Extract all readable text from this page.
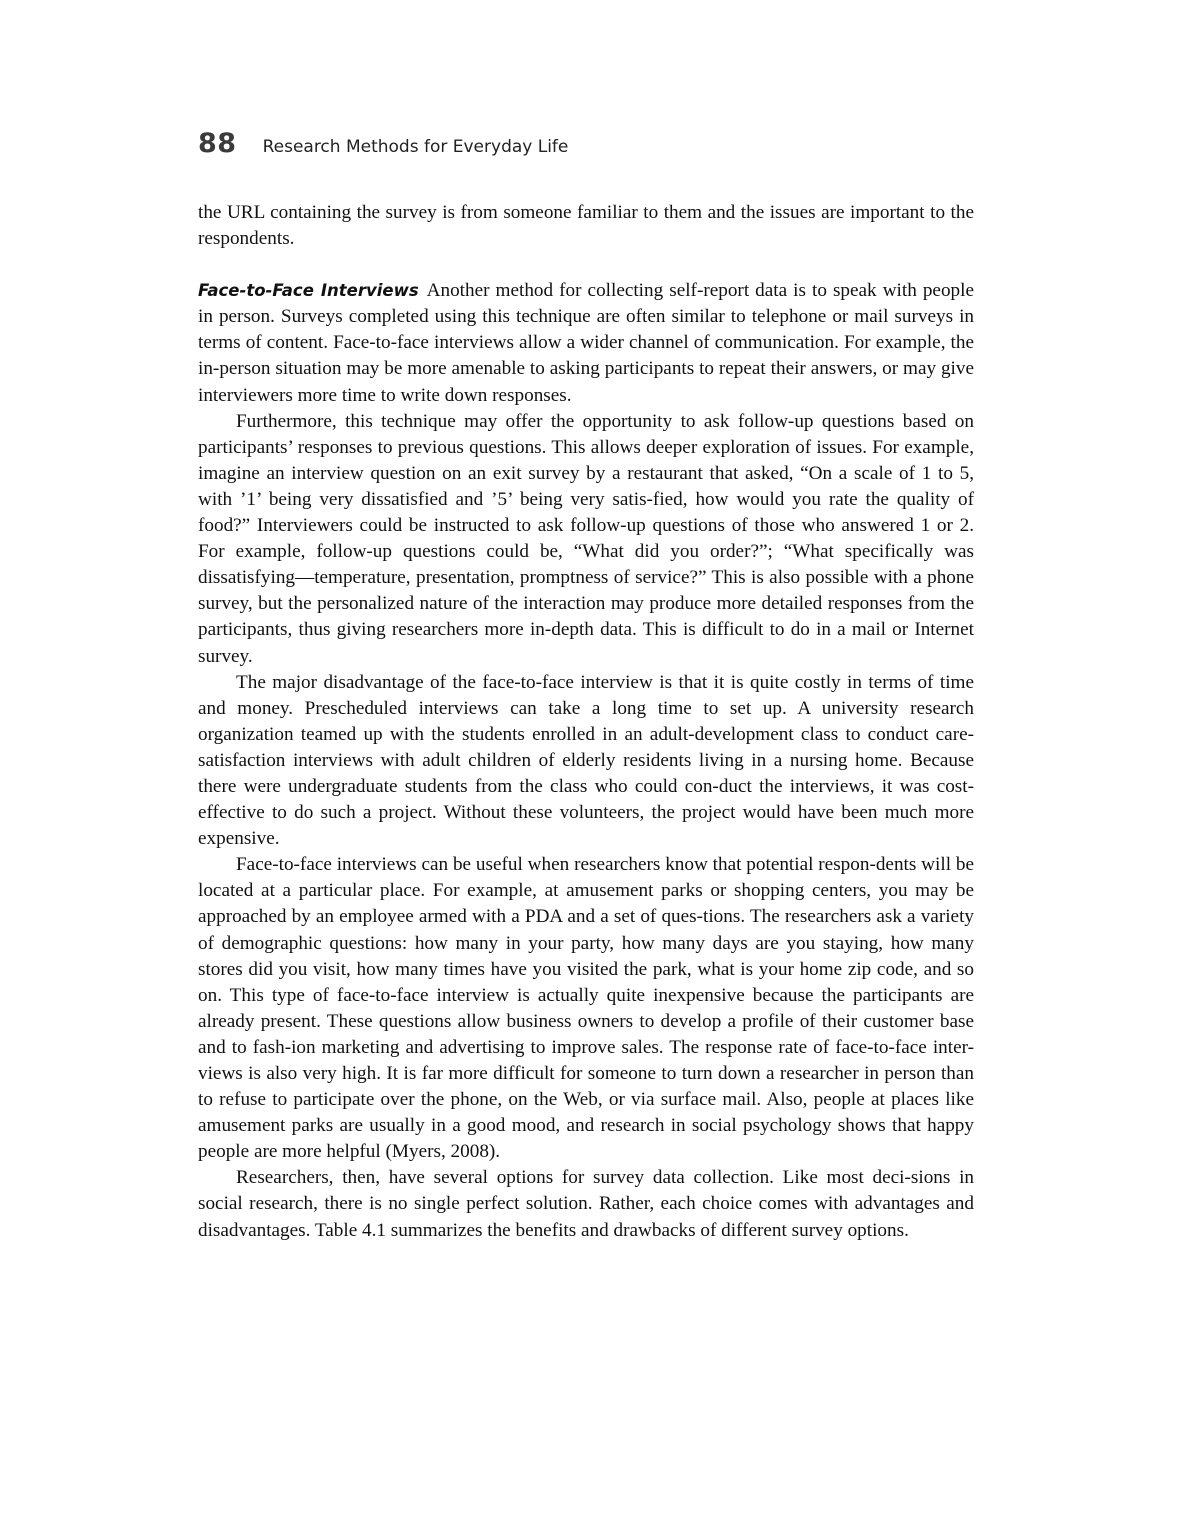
88 Research Methods for Everyday Life

the URL containing the survey is from someone familiar to them and the issues are important to the respondents.

Face-to-Face Interviews Another method for collecting self-report data is to speak with people in person. Surveys completed using this technique are often similar to telephone or mail surveys in terms of content. Face-to-face interviews allow a wider channel of communication. For example, the in-person situation may be more amenable to asking participants to repeat their answers, or may give interviewers more time to write down responses.

Furthermore, this technique may offer the opportunity to ask follow-up questions based on participants’ responses to previous questions. This allows deeper exploration of issues. For example, imagine an interview question on an exit survey by a restaurant that asked, “On a scale of 1 to 5, with ’1’ being very dissatisfied and ’5’ being very satis-fied, how would you rate the quality of food?” Interviewers could be instructed to ask follow-up questions of those who answered 1 or 2. For example, follow-up questions could be, “What did you order?”; “What specifically was dissatisfying—temperature, presentation, promptness of service?” This is also possible with a phone survey, but the personalized nature of the interaction may produce more detailed responses from the participants, thus giving researchers more in-depth data. This is difficult to do in a mail or Internet survey.

The major disadvantage of the face-to-face interview is that it is quite costly in terms of time and money. Prescheduled interviews can take a long time to set up. A university research organization teamed up with the students enrolled in an adult-development class to conduct care-satisfaction interviews with adult children of elderly residents living in a nursing home. Because there were undergraduate students from the class who could con-duct the interviews, it was cost-effective to do such a project. Without these volunteers, the project would have been much more expensive.

Face-to-face interviews can be useful when researchers know that potential respon-dents will be located at a particular place. For example, at amusement parks or shopping centers, you may be approached by an employee armed with a PDA and a set of ques-tions. The researchers ask a variety of demographic questions: how many in your party, how many days are you staying, how many stores did you visit, how many times have you visited the park, what is your home zip code, and so on. This type of face-to-face interview is actually quite inexpensive because the participants are already present. These questions allow business owners to develop a profile of their customer base and to fash-ion marketing and advertising to improve sales. The response rate of face-to-face inter-views is also very high. It is far more difficult for someone to turn down a researcher in person than to refuse to participate over the phone, on the Web, or via surface mail. Also, people at places like amusement parks are usually in a good mood, and research in social psychology shows that happy people are more helpful (Myers, 2008).

Researchers, then, have several options for survey data collection. Like most deci-sions in social research, there is no single perfect solution. Rather, each choice comes with advantages and disadvantages. Table 4.1 summarizes the benefits and drawbacks of different survey options.
